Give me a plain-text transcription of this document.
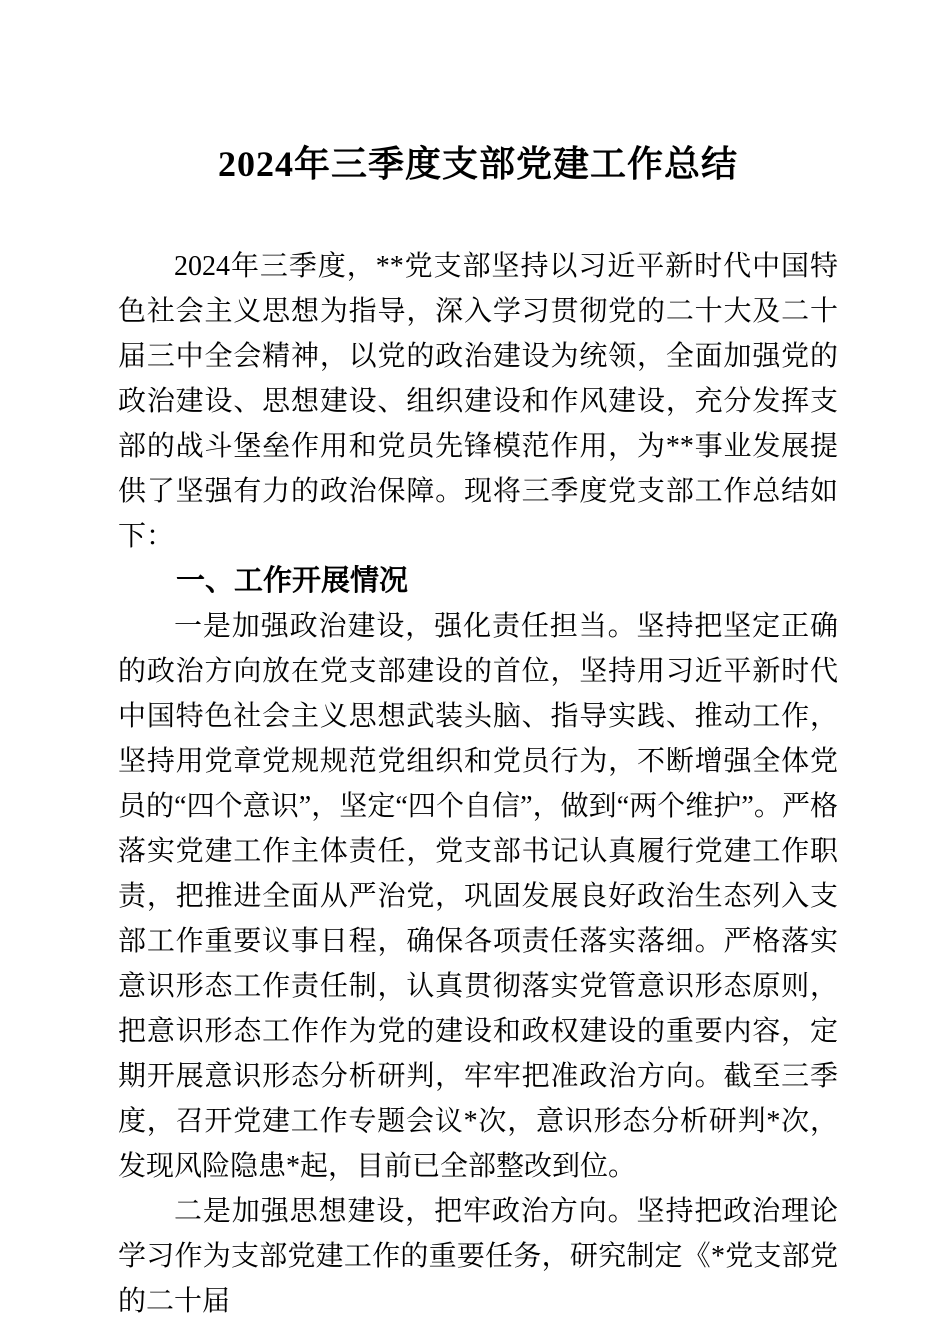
2024年三季度支部党建工作总结

2024年三季度，**党支部坚持以习近平新时代中国特色社会主义思想为指导，深入学习贯彻党的二十大及二十届三中全会精神，以党的政治建设为统领，全面加强党的政治建设、思想建设、组织建设和作风建设，充分发挥支部的战斗堡垒作用和党员先锋模范作用，为**事业发展提供了坚强有力的政治保障。现将三季度党支部工作总结如下：

一、工作开展情况

一是加强政治建设，强化责任担当。坚持把坚定正确的政治方向放在党支部建设的首位，坚持用习近平新时代中国特色社会主义思想武装头脑、指导实践、推动工作，坚持用党章党规规范党组织和党员行为，不断增强全体党员的“四个意识”，坚定“四个自信”，做到“两个维护”。严格落实党建工作主体责任，党支部书记认真履行党建工作职责，把推进全面从严治党，巩固发展良好政治生态列入支部工作重要议事日程，确保各项责任落实落细。严格落实意识形态工作责任制，认真贯彻落实党管意识形态原则，把意识形态工作作为党的建设和政权建设的重要内容，定期开展意识形态分析研判，牢牢把准政治方向。截至三季度，召开党建工作专题会议*次，意识形态分析研判*次，发现风险隐患*起，目前已全部整改到位。

二是加强思想建设，把牢政治方向。坚持把政治理论学习作为支部党建工作的重要任务，研究制定《*党支部党的二十届
